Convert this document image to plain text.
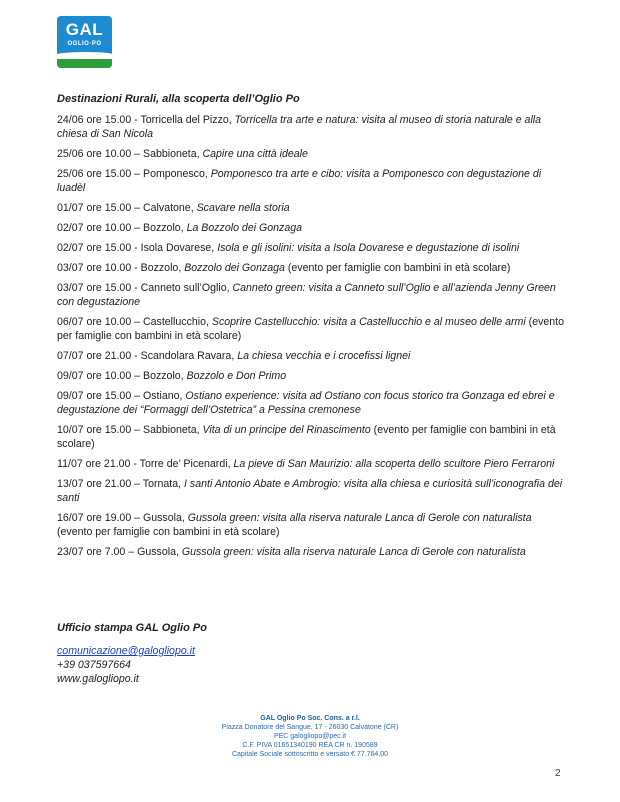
GAL
OGLIO·PO
Destinazioni Rurali, alla scoperta dell’Oglio Po
24/06 ore 15.00 - Torricella del Pizzo, Torricella tra arte e natura: visita al museo di storia naturale e alla chiesa di San Nicola
25/06 ore 10.00 – Sabbioneta, Capire una città ideale
25/06 ore 15.00 – Pomponesco, Pomponesco tra arte e cibo: visita a Pomponesco con degustazione di luadèl
01/07 ore 15.00 – Calvatone, Scavare nella storia
02/07 ore 10.00 – Bozzolo, La Bozzolo dei Gonzaga
02/07 ore 15.00 - Isola Dovarese, Isola e gli isolini: visita a Isola Dovarese e degustazione di isolini
03/07 ore 10.00 - Bozzolo, Bozzolo dei Gonzaga (evento per famiglie con bambini in età scolare)
03/07 ore 15.00 - Canneto sull’Oglio, Canneto green: visita a Canneto sull’Oglio e all’azienda Jenny Green con degustazione
06/07 ore 10.00 – Castellucchio, Scoprire Castellucchio: visita a Castellucchio e al museo delle armi (evento per famiglie con bambini in età scolare)
07/07 ore 21.00 - Scandolara Ravara, La chiesa vecchia e i crocefissi lignei
09/07 ore 10.00 – Bozzolo, Bozzolo e Don Primo
09/07 ore 15.00 – Ostiano, Ostiano experience: visita ad Ostiano con focus storico tra Gonzaga ed ebrei e degustazione dei “Formaggi dell’Ostetrica” a Pessina cremonese
10/07 ore 15.00 – Sabbioneta, Vita di un principe del Rinascimento (evento per famiglie con bambini in età scolare)
11/07 ore 21.00 - Torre de’ Picenardi, La pieve di San Maurizio: alla scoperta dello scultore Piero Ferraroni
13/07 ore 21.00 – Tornata, I santi Antonio Abate e Ambrogio: visita alla chiesa e curiosità sull’iconografia dei santi
16/07 ore 19.00 – Gussola, Gussola green: visita alla riserva naturale Lanca di Gerole con naturalista (evento per famiglie con bambini in età scolare)
23/07 ore 7.00 – Gussola, Gussola green: visita alla riserva naturale Lanca di Gerole con naturalista
Ufficio stampa GAL Oglio Po
comunicazione@galogliopo.it
+39 037597664
www.galogliopo.it
GAL Oglio Po Soc. Cons. a r.l.
Piazza Donatore del Sangue, 17 - 26030 Calvatone (CR)
PEC galogliopo@pec.it
C.F. PIVA 01651340190 REA CR n. 190589
Capitale Sociale sottoscritto e versato € 77.764,00
2
